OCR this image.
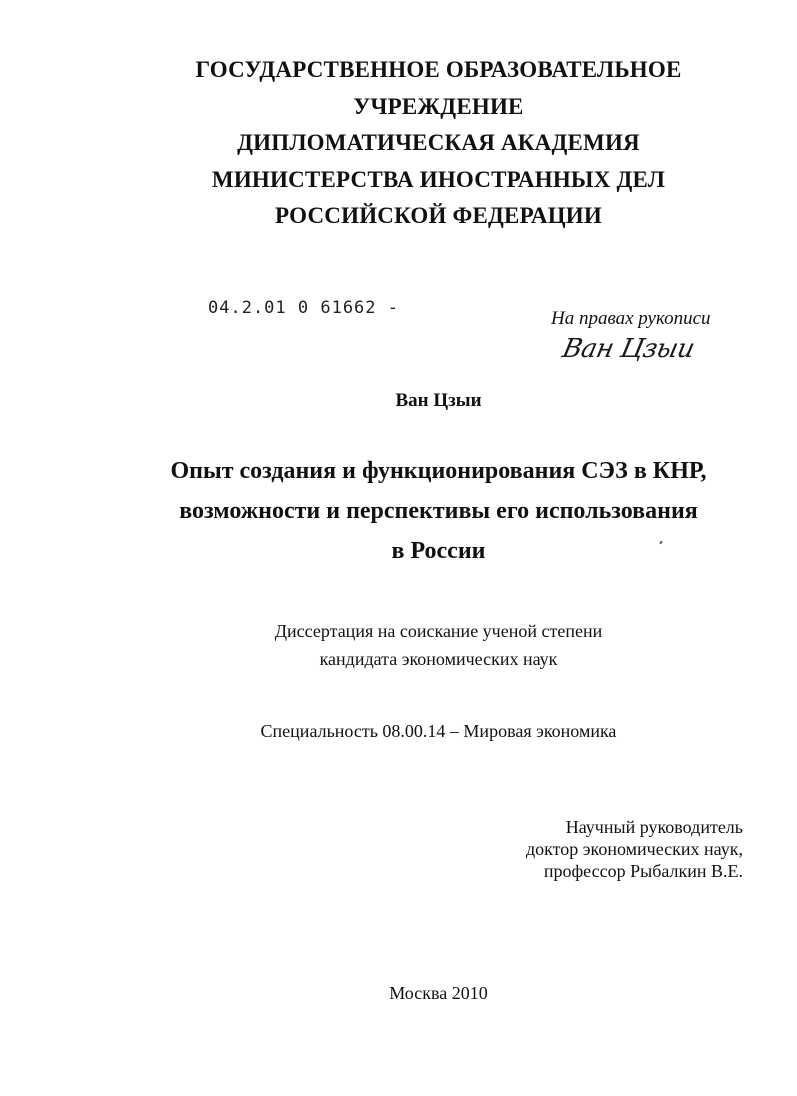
ГОСУДАРСТВЕННОЕ ОБРАЗОВАТЕЛЬНОЕ
УЧРЕЖДЕНИЕ
ДИПЛОМАТИЧЕСКАЯ АКАДЕМИЯ
МИНИСТЕРСТВА ИНОСТРАННЫХ ДЕЛ
РОССИЙСКОЙ ФЕДЕРАЦИИ
04.2.01 0 61662 -	На правах рукописи
Ван Цзыи
Ван Цзыи
Опыт создания и функционирования СЭЗ в КНР,
возможности и перспективы его использования
в России
Диссертация на соискание ученой степени
кандидата экономических наук
Специальность 08.00.14 – Мировая экономика
Научный руководитель
доктор экономических наук,
профессор Рыбалкин В.Е.
Москва 2010
